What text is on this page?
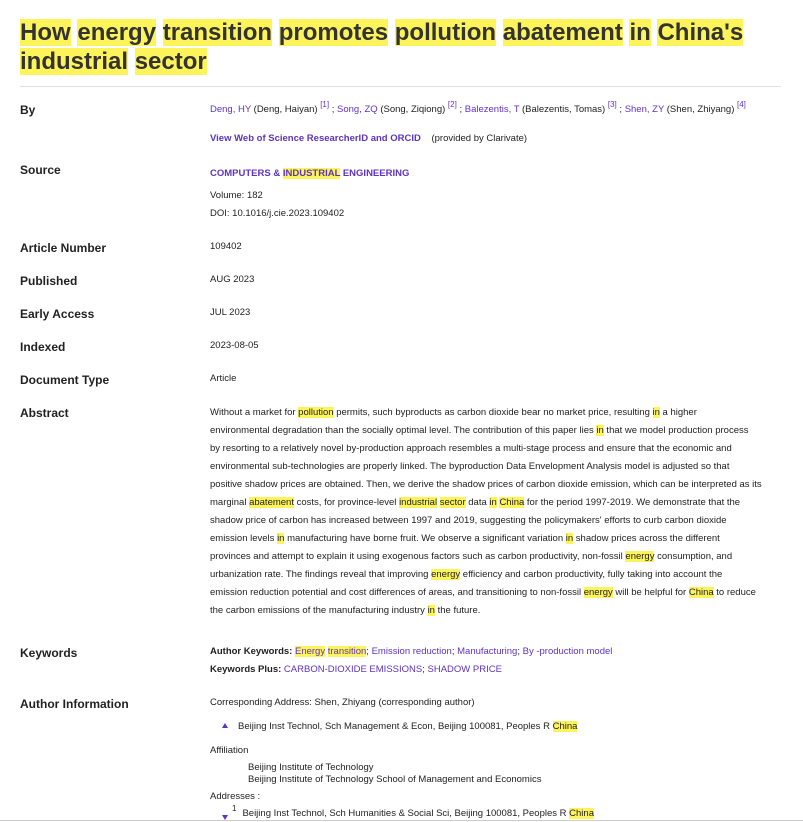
How energy transition promotes pollution abatement in China's
industrial sector
By	Deng, HY (Deng, Haiyan) [1] ; Song, ZQ (Song, Ziqiong) [2] ; Balezentis, T (Balezentis, Tomas) [3] ; Shen, ZY (Shen, Zhiyang) [4]
View Web of Science ResearcherID and ORCID (provided by Clarivate)
Source	COMPUTERS & INDUSTRIAL ENGINEERING
Volume: 182
DOI: 10.1016/j.cie.2023.109402
Article Number	109402
Published	AUG 2023
Early Access	JUL 2023
Indexed	2023-08-05
Document Type	Article
Abstract	Without a market for pollution permits, such byproducts as carbon dioxide bear no market price, resulting in a higher
environmental degradation than the socially optimal level. The contribution of this paper lies in that we model production process
by resorting to a relatively novel by-production approach resembles a multi-stage process and ensure that the economic and
environmental sub-technologies are properly linked. The byproduction Data Envelopment Analysis model is adjusted so that
positive shadow prices are obtained. Then, we derive the shadow prices of carbon dioxide emission, which can be interpreted as its
marginal abatement costs, for province-level industrial sector data in China for the period 1997-2019. We demonstrate that the
shadow price of carbon has increased between 1997 and 2019, suggesting the policymakers' efforts to curb carbon dioxide
emission levels in manufacturing have borne fruit. We observe a significant variation in shadow prices across the different
provinces and attempt to explain it using exogenous factors such as carbon productivity, non-fossil energy consumption, and
urbanization rate. The findings reveal that improving energy efficiency and carbon productivity, fully taking into account the
emission reduction potential and cost differences of areas, and transitioning to non-fossil energy will be helpful for China to reduce
the carbon emissions of the manufacturing industry in the future.
Keywords	Author Keywords: Energy transition; Emission reduction; Manufacturing; By -production model
Keywords Plus: CARBON-DIOXIDE EMISSIONS; SHADOW PRICE
Author Information	Corresponding Address: Shen, Zhiyang (corresponding author)
Beijing Inst Technol, Sch Management & Econ, Beijing 100081, Peoples R China
Affiliation
Beijing Institute of Technology
Beijing Institute of Technology School of Management and Economics
Addresses :
$^1$ Beijing Inst Technol, Sch Humanities & Social Sci, Beijing 100081, Peoples R China
